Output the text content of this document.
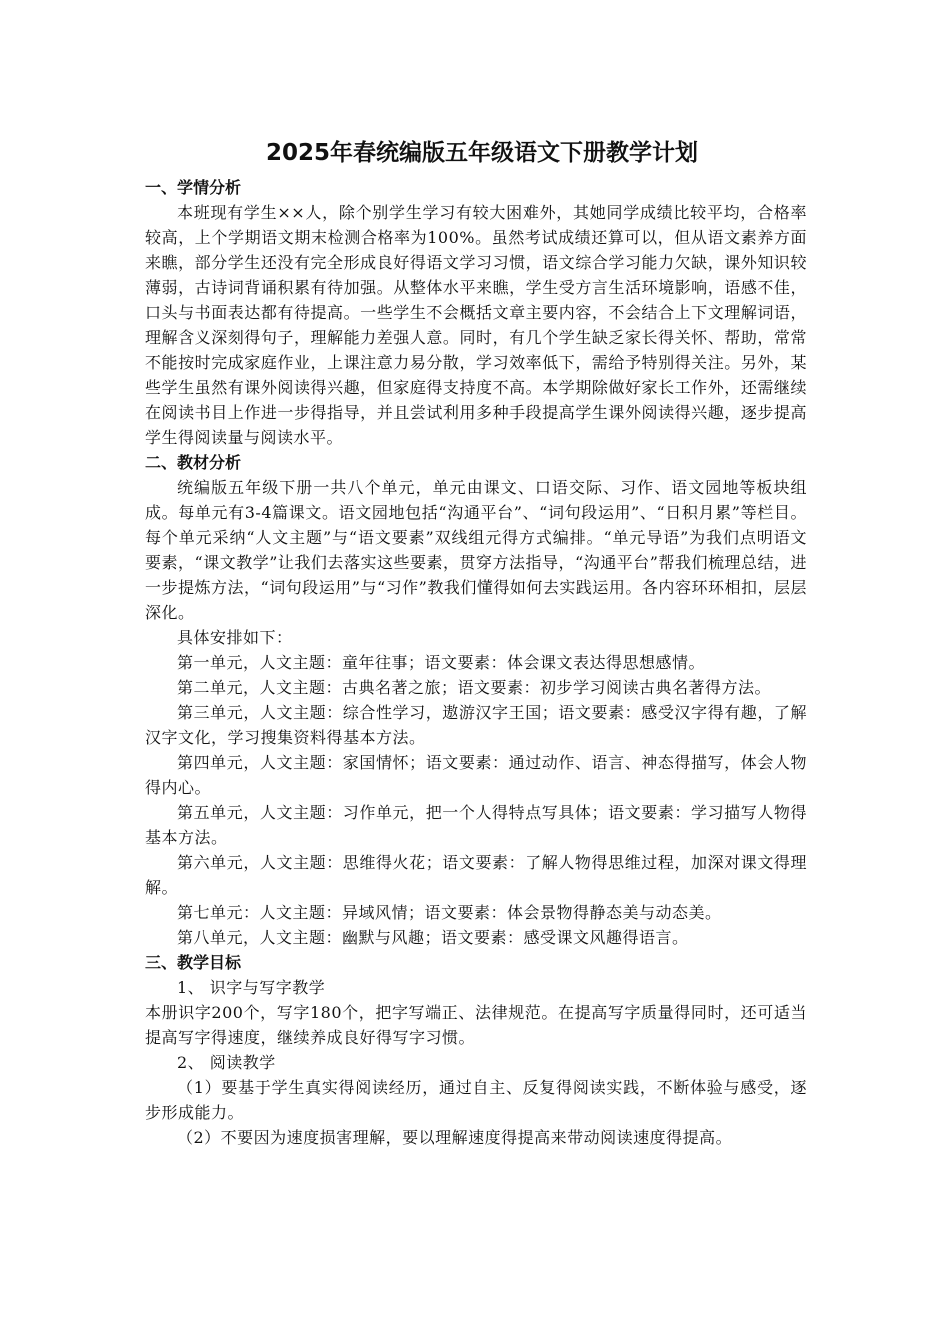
2025年春统编版五年级语文下册教学计划
一、学情分析

本班现有学生××人，除个别学生学习有较大困难外，其她同学成绩比较平均，合格率较高，上个学期语文期末检测合格率为100%。虽然考试成绩还算可以，但从语文素养方面来瞧，部分学生还没有完全形成良好得语文学习习惯，语文综合学习能力欠缺，课外知识较薄弱，古诗词背诵积累有待加强。从整体水平来瞧，学生受方言生活环境影响，语感不佳，口头与书面表达都有待提高。一些学生不会概括文章主要内容，不会结合上下文理解词语，理解含义深刻得句子，理解能力差强人意。同时，有几个学生缺乏家长得关怀、帮助，常常不能按时完成家庭作业，上课注意力易分散，学习效率低下，需给予特别得关注。另外，某些学生虽然有课外阅读得兴趣，但家庭得支持度不高。本学期除做好家长工作外，还需继续在阅读书目上作进一步得指导，并且尝试利用多种手段提高学生课外阅读得兴趣，逐步提高学生得阅读量与阅读水平。

二、教材分析

统编版五年级下册一共八个单元，单元由课文、口语交际、习作、语文园地等板块组成。每单元有3-4篇课文。语文园地包括“沟通平台”、“词句段运用”、“日积月累”等栏目。每个单元采纳“人文主题”与“语文要素”双线组元得方式编排。“单元导语”为我们点明语文要素，“课文教学”让我们去落实这些要素，贯穿方法指导，“沟通平台”帮我们梳理总结，进一步提炼方法，“词句段运用”与“习作”教我们懂得如何去实践运用。各内容环环相扣，层层深化。

具体安排如下：

第一单元，人文主题：童年往事；语文要素：体会课文表达得思想感情。

第二单元，人文主题：古典名著之旅；语文要素：初步学习阅读古典名著得方法。

第三单元，人文主题：综合性学习，遨游汉字王国；语文要素：感受汉字得有趣，了解汉字文化，学习搜集资料得基本方法。

第四单元，人文主题：家国情怀；语文要素：通过动作、语言、神态得描写，体会人物得内心。

第五单元，人文主题：习作单元，把一个人得特点写具体；语文要素：学习描写人物得基本方法。

第六单元，人文主题：思维得火花；语文要素：了解人物得思维过程，加深对课文得理解。

第七单元：人文主题：异域风情；语文要素：体会景物得静态美与动态美。

第八单元，人文主题：幽默与风趣；语文要素：感受课文风趣得语言。

三、教学目标

1、 识字与写字教学

本册识字200个，写字180个，把字写端正、法律规范。在提高写字质量得同时，还可适当提高写字得速度，继续养成良好得写字习惯。

2、 阅读教学

（1）要基于学生真实得阅读经历，通过自主、反复得阅读实践，不断体验与感受，逐步形成能力。

（2）不要因为速度损害理解，要以理解速度得提高来带动阅读速度得提高。
